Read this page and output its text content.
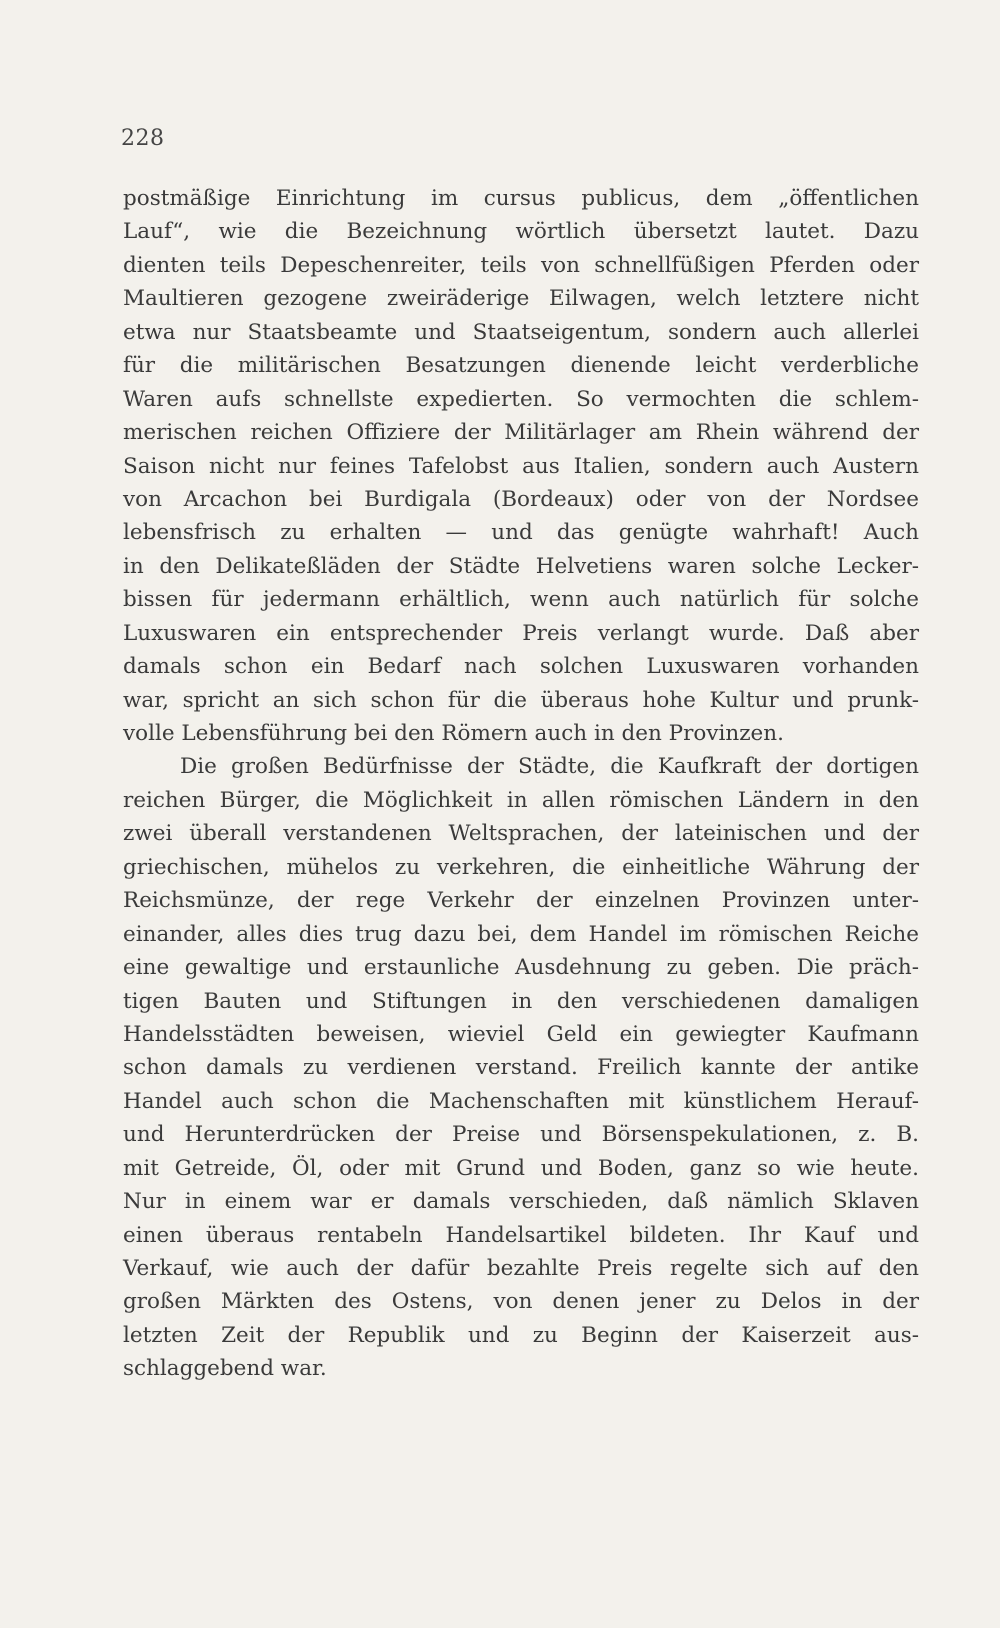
228
postmäßige Einrichtung im cursus publicus, dem „öffentlichen
Lauf“, wie die Bezeichnung wörtlich übersetzt lautet. Dazu
dienten teils Depeschenreiter, teils von schnellfüßigen Pferden oder
Maultieren gezogene zweiräderige Eilwagen, welch letztere nicht
etwa nur Staatsbeamte und Staatseigentum, sondern auch allerlei
für die militärischen Besatzungen dienende leicht verderbliche
Waren aufs schnellste expedierten. So vermochten die schlem-
merischen reichen Offiziere der Militärlager am Rhein während der
Saison nicht nur feines Tafelobst aus Italien, sondern auch Austern
von Arcachon bei Burdigala (Bordeaux) oder von der Nordsee
lebensfrisch zu erhalten — und das genügte wahrhaft! Auch
in den Delikateßläden der Städte Helvetiens waren solche Lecker-
bissen für jedermann erhältlich, wenn auch natürlich für solche
Luxuswaren ein entsprechender Preis verlangt wurde. Daß aber
damals schon ein Bedarf nach solchen Luxuswaren vorhanden
war, spricht an sich schon für die überaus hohe Kultur und prunk-
volle Lebensführung bei den Römern auch in den Provinzen.
Die großen Bedürfnisse der Städte, die Kaufkraft der dortigen
reichen Bürger, die Möglichkeit in allen römischen Ländern in den
zwei überall verstandenen Weltsprachen, der lateinischen und der
griechischen, mühelos zu verkehren, die einheitliche Währung der
Reichsmünze, der rege Verkehr der einzelnen Provinzen unter-
einander, alles dies trug dazu bei, dem Handel im römischen Reiche
eine gewaltige und erstaunliche Ausdehnung zu geben. Die präch-
tigen Bauten und Stiftungen in den verschiedenen damaligen
Handelsstädten beweisen, wieviel Geld ein gewiegter Kaufmann
schon damals zu verdienen verstand. Freilich kannte der antike
Handel auch schon die Machenschaften mit künstlichem Herauf-
und Herunterdrücken der Preise und Börsenspekulationen, z. B.
mit Getreide, Öl, oder mit Grund und Boden, ganz so wie heute.
Nur in einem war er damals verschieden, daß nämlich Sklaven
einen überaus rentabeln Handelsartikel bildeten. Ihr Kauf und
Verkauf, wie auch der dafür bezahlte Preis regelte sich auf den
großen Märkten des Ostens, von denen jener zu Delos in der
letzten Zeit der Republik und zu Beginn der Kaiserzeit aus-
schlaggebend war.
